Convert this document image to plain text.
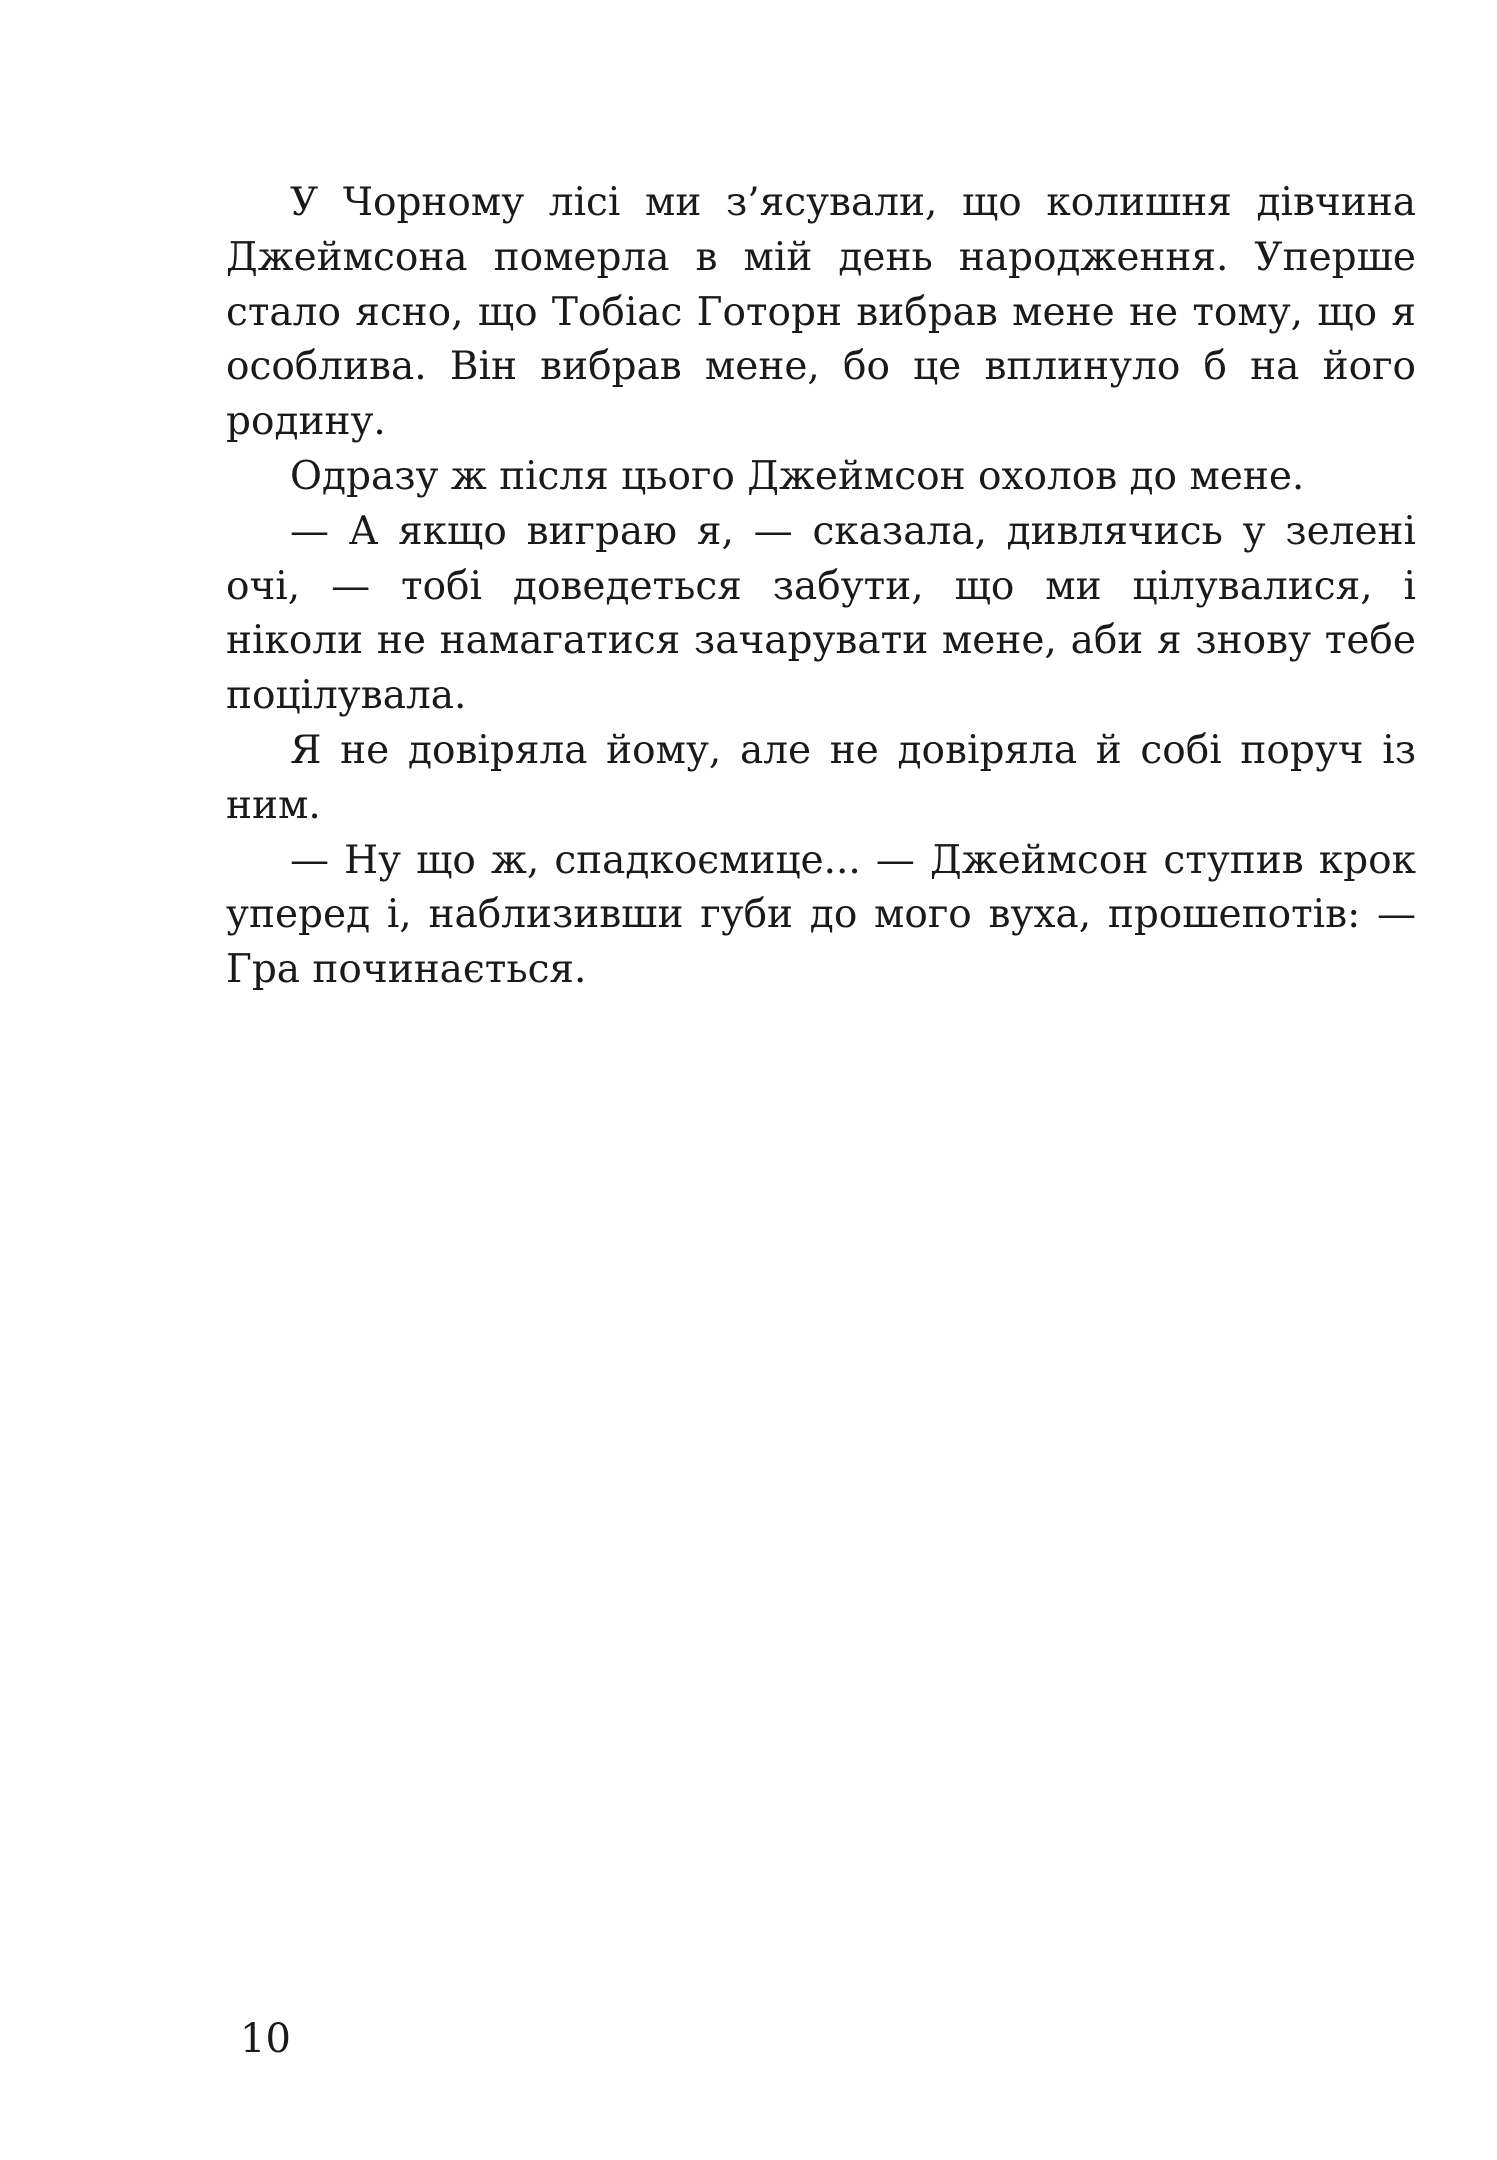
У Чорному лісі ми з’ясували, що колишня дівчина Джеймсона померла в мій день народження. Уперше стало ясно, що Тобіас Готорн вибрав мене не тому, що я особлива. Він вибрав мене, бо це вплинуло б на його родину.

Одразу ж після цього Джеймсон охолов до мене.

— А якщо виграю я, — сказала, дивлячись у зелені очі, — тобі доведеться забути, що ми цілувалися, і ніколи не намагатися зачарувати мене, аби я знову тебе поцілувала.

Я не довіряла йому, але не довіряла й собі поруч із ним.

— Ну що ж, спадкоємице... — Джеймсон ступив крок уперед і, наблизивши губи до мого вуха, прошепотів: — Гра починається.

10
